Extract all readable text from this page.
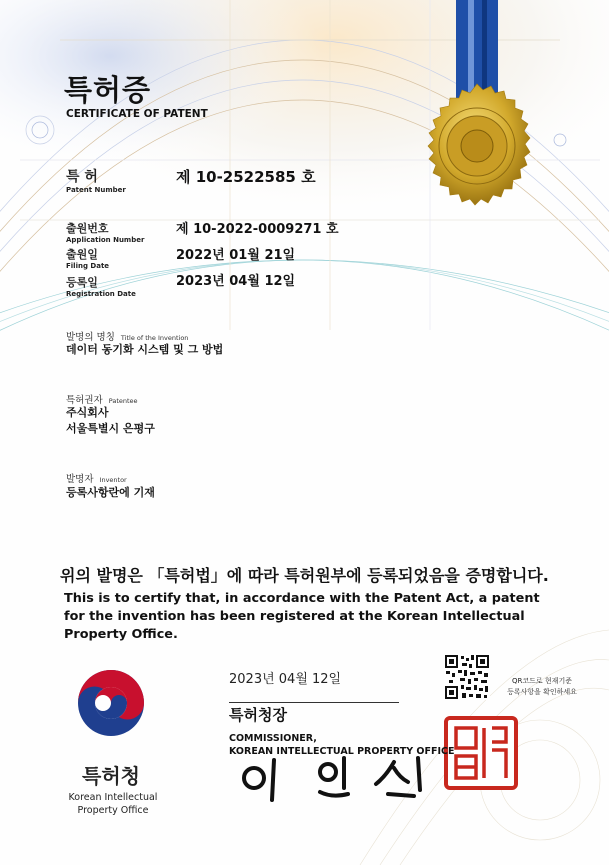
특허증
CERTIFICATE OF PATENT
특 허
Patent Number
제 10-2522585 호
출원번호
Application Number
제 10-2022-0009271 호
출원일
Filing Date
2022년 01월 21일
등록일
Registration Date
2023년 04월 12일
발명의 명칭 Title of the Invention
데이터 동기화 시스템 및 그 방법
특허권자 Patentee
주식회사
서울특별시 은평구
발명자 Inventor
등록사항란에 기재
위의 발명은 「특허법」에 따라 특허원부에 등록되었음을 증명합니다.
This is to certify that, in accordance with the Patent Act, a patent for the invention has been registered at the Korean Intellectual Property Office.
2023년 04월 12일	QR코드로 현재기준
등록사항을 확인하세요
특허청장
COMMISSIONER,
KOREAN INTELLECTUAL PROPERTY OFFICE
특허청
Korean Intellectual
Property Office
